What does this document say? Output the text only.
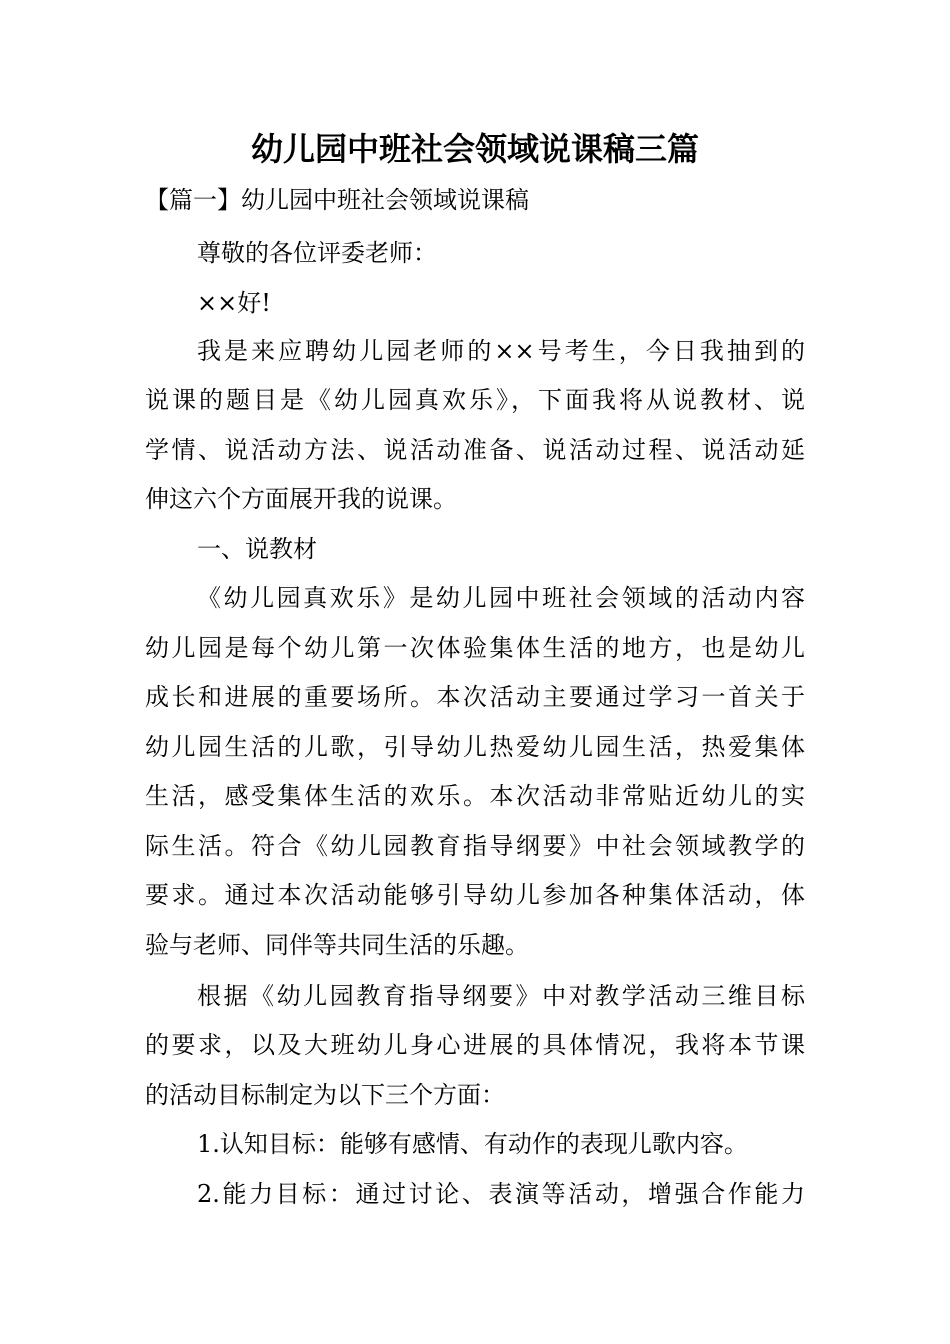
幼儿园中班社会领域说课稿三篇
【篇一】幼儿园中班社会领域说课稿
尊敬的各位评委老师：
××好!
我是来应聘幼儿园老师的××号考生，今日我抽到的
说课的题目是《幼儿园真欢乐》，下面我将从说教材、说
学情、说活动方法、说活动准备、说活动过程、说活动延
伸这六个方面展开我的说课。
一、说教材
《幼儿园真欢乐》是幼儿园中班社会领域的活动内容
幼儿园是每个幼儿第一次体验集体生活的地方，也是幼儿
成长和进展的重要场所。本次活动主要通过学习一首关于
幼儿园生活的儿歌，引导幼儿热爱幼儿园生活，热爱集体
生活，感受集体生活的欢乐。本次活动非常贴近幼儿的实
际生活。符合《幼儿园教育指导纲要》中社会领域教学的
要求。通过本次活动能够引导幼儿参加各种集体活动，体
验与老师、同伴等共同生活的乐趣。
根据《幼儿园教育指导纲要》中对教学活动三维目标
的要求，以及大班幼儿身心进展的具体情况，我将本节课
的活动目标制定为以下三个方面：
1.认知目标：能够有感情、有动作的表现儿歌内容。
2.能力目标：通过讨论、表演等活动，增强合作能力
